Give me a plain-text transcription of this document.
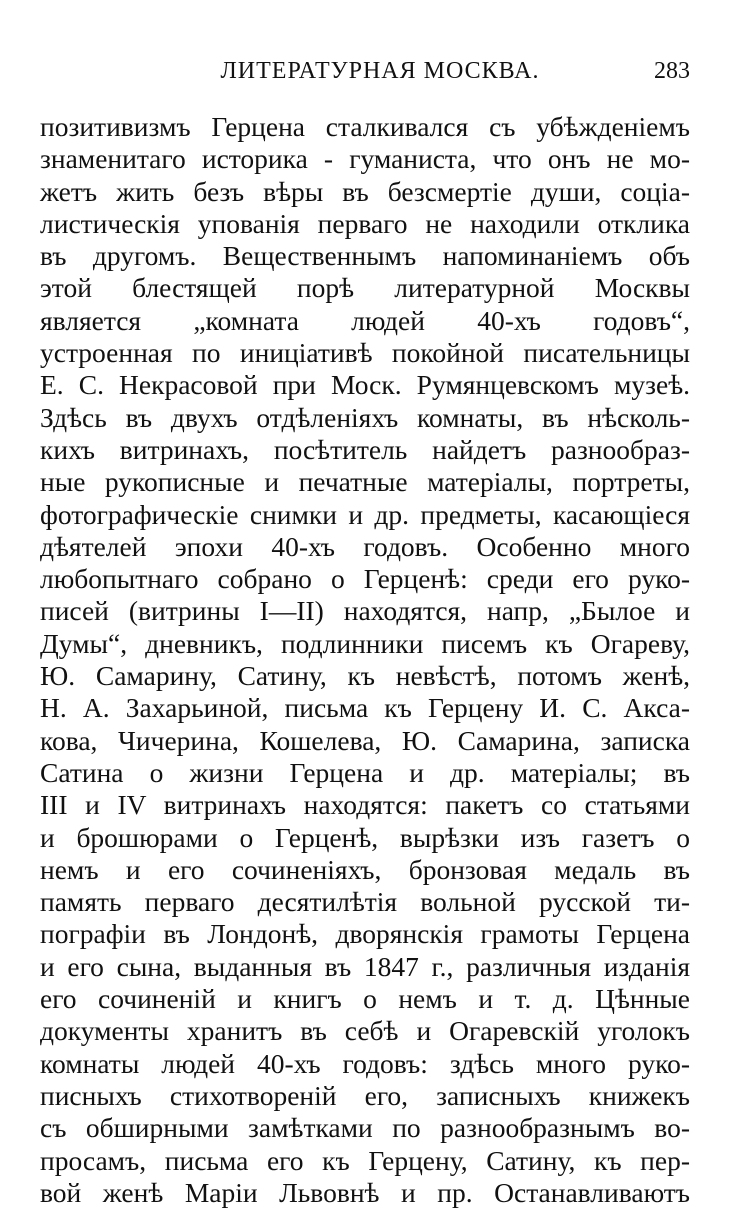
ЛИТЕРАТУРНАЯ МОСКВА.	283
позитивизмъ Герцена сталкивался съ убѣжденіемъ
знаменитаго историка - гуманиста, что онъ не мо-
жетъ жить безъ вѣры въ безсмертіе души, соціа-
листическія упованія перваго не находили отклика
въ другомъ. Вещественнымъ напоминаніемъ объ
этой блестящей порѣ литературной Москвы
является „комната людей 40-хъ годовъ“,
устроенная по иниціативѣ покойной писательницы
Е. С. Некрасовой при Моск. Румянцевскомъ музеѣ.
Здѣсь въ двухъ отдѣленіяхъ комнаты, въ нѣсколь-
кихъ витринахъ, посѣтитель найдетъ разнообраз-
ные рукописные и печатные матеріалы, портреты,
фотографическіе снимки и др. предметы, касающіеся
дѣятелей эпохи 40-хъ годовъ. Особенно много
любопытнаго собрано о Герценѣ: среди его руко-
писей (витрины I—II) находятся, напр, „Былое и
Думы“, дневникъ, подлинники писемъ къ Огареву,
Ю. Самарину, Сатину, къ невѣстѣ, потомъ женѣ,
Н. А. Захарьиной, письма къ Герцену И. С. Акса-
кова, Чичерина, Кошелева, Ю. Самарина, записка
Сатина о жизни Герцена и др. матеріалы; въ
III и IV витринахъ находятся: пакетъ со статьями
и брошюрами о Герценѣ, вырѣзки изъ газетъ о
немъ и его сочиненіяхъ, бронзовая медаль въ
память перваго десятилѣтія вольной русской ти-
пографіи въ Лондонѣ, дворянскія грамоты Герцена
и его сына, выданныя въ 1847 г., различныя изданія
его сочиненій и книгъ о немъ и т. д. Цѣнные
документы хранитъ въ себѣ и Огаревскій уголокъ
комнаты людей 40-хъ годовъ: здѣсь много руко-
писныхъ стихотвореній его, записныхъ книжекъ
съ обширными замѣтками по разнообразнымъ во-
просамъ, письма его къ Герцену, Сатину, къ пер-
вой женѣ Маріи Львовнѣ и пр. Останавливаютъ
